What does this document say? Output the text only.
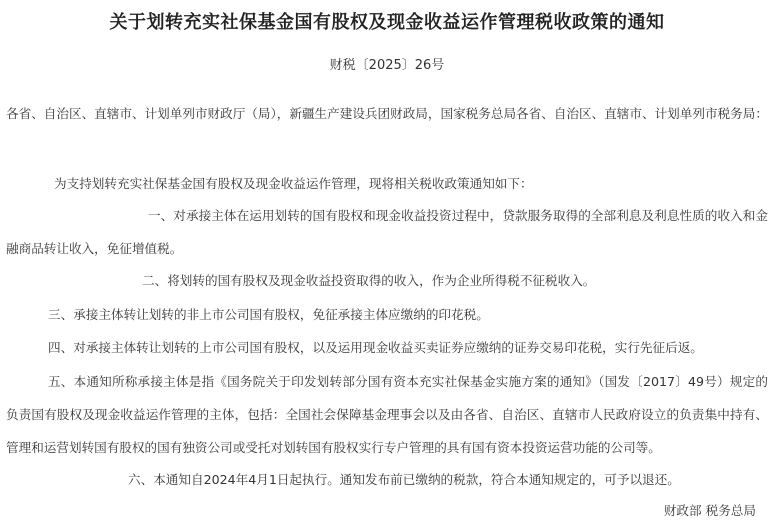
关于划转充实社保基金国有股权及现金收益运作管理税收政策的通知
财税〔2025〕26号

各省、自治区、直辖市、计划单列市财政厅（局），新疆生产建设兵团财政局，国家税务总局各省、自治区、直辖市、计划单列市税务局：

为支持划转充实社保基金国有股权及现金收益运作管理，现将相关税收政策通知如下：

一、对承接主体在运用划转的国有股权和现金收益投资过程中，贷款服务取得的全部利息及利息性质的收入和金融商品转让收入，免征增值税。

二、将划转的国有股权及现金收益投资取得的收入，作为企业所得税不征税收入。

三、承接主体转让划转的非上市公司国有股权，免征承接主体应缴纳的印花税。

四、对承接主体转让划转的上市公司国有股权，以及运用现金收益买卖证券应缴纳的证券交易印花税，实行先征后返。

五、本通知所称承接主体是指《国务院关于印发划转部分国有资本充实社保基金实施方案的通知》（国发〔2017〕49号）规定的负责国有股权及现金收益运作管理的主体，包括：全国社会保障基金理事会以及由各省、自治区、直辖市人民政府设立的负责集中持有、管理和运营划转国有股权的国有独资公司或受托对划转国有股权实行专户管理的具有国有资本投资运营功能的公司等。

六、本通知自2024年4月1日起执行。通知发布前已缴纳的税款，符合本通知规定的，可予以退还。

财政部 税务总局
